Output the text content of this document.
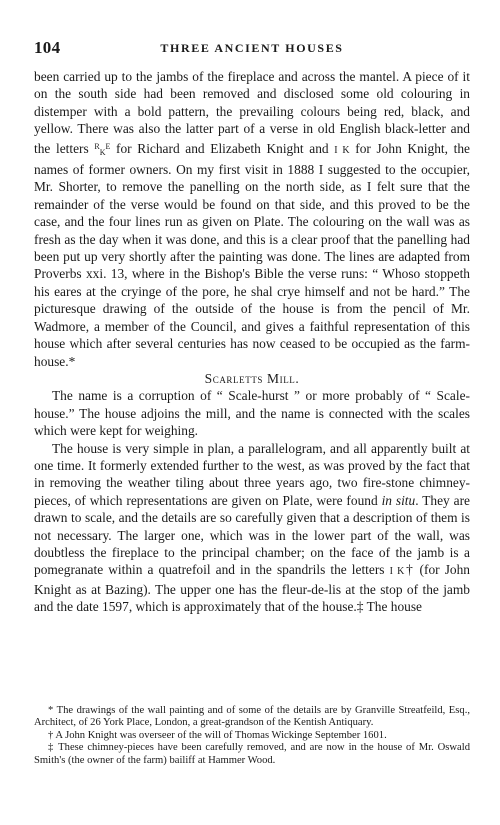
104	THREE ANCIENT HOUSES

been carried up to the jambs of the fireplace and across the mantel. A piece of it on the south side had been removed and disclosed some old colouring in distemper with a bold pattern, the prevailing colours being red, black, and yellow. There was also the latter part of a verse in old English black-letter and the letters $^R_K^E$ for Richard and Elizabeth Knight and I K for John Knight, the names of former owners. On my first visit in 1888 I suggested to the occupier, Mr. Shorter, to remove the panelling on the north side, as I felt sure that the remainder of the verse would be found on that side, and this proved to be the case, and the four lines run as given on Plate. The colouring on the wall was as fresh as the day when it was done, and this is a clear proof that the panelling had been put up very shortly after the painting was done. The lines are adapted from Proverbs xxi. 13, where in the Bishop's Bible the verse runs: “ Whoso stoppeth his eares at the cryinge of the pore, he shal crye himself and not be hard.” The picturesque drawing of the outside of the house is from the pencil of Mr. Wadmore, a member of the Council, and gives a faithful representation of this house which after several centuries has now ceased to be occupied as the farm-house.*

Scarletts Mill.

The name is a corruption of “ Scale-hurst ” or more probably of “ Scale-house.” The house adjoins the mill, and the name is connected with the scales which were kept for weighing.

The house is very simple in plan, a parallelogram, and all apparently built at one time. It formerly extended further to the west, as was proved by the fact that in removing the weather tiling about three years ago, two fire-stone chimney-pieces, of which representations are given on Plate, were found in situ. They are drawn to scale, and the details are so carefully given that a description of them is not necessary. The larger one, which was in the lower part of the wall, was doubtless the fireplace to the principal chamber; on the face of the jamb is a pomegranate within a quatrefoil and in the spandrils the letters I K† (for John Knight as at Bazing). The upper one has the fleur-de-lis at the stop of the jamb and the date 1597, which is approximately that of the house.‡ The house

* The drawings of the wall painting and of some of the details are by Granville Streatfeild, Esq., Architect, of 26 York Place, London, a great-grandson of the Kentish Antiquary.

† A John Knight was overseer of the will of Thomas Wickinge September 1601.

‡ These chimney-pieces have been carefully removed, and are now in the house of Mr. Oswald Smith's (the owner of the farm) bailiff at Hammer Wood.
